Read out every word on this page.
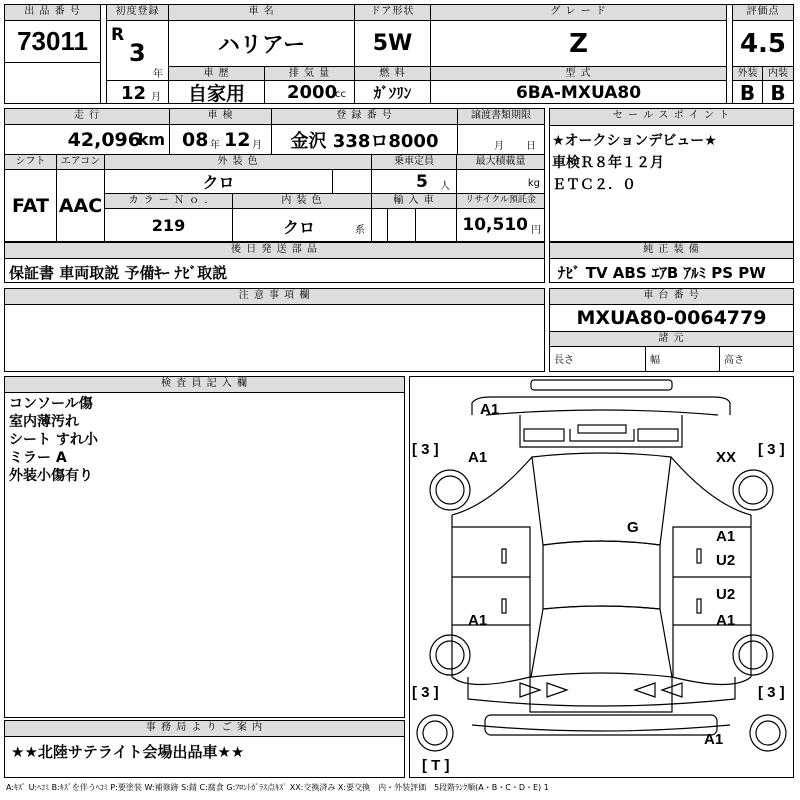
出 品 番 号
73011
初度登録
R
3
年
12 月
車 名
ハリアー
車 歴	排 気 量
自家用	2000
cc
ドア形状
5W
燃 料
ｶﾞｿﾘﾝ
グ レ ー ド
Z
型 式
6BA-MXUA80
評価点
4.5
外装	内装
B B
走 行
42,096
km
車 検
08 年 12 月
登 録 番 号
金沢 338ロ8000
譲渡書類期限
月 日
シフト	エアコン
FAT AAC
外 装 色
クロ
乗車定員
5 人
最大積載量
kg
カ ラ ー Ｎ ｏ .
219
内 装 色
クロ	系
輸 入 車	リサイクル預託金
10,510 円
セ ー ル ス ポ イ ン ト
★オークションデビュー★
車検Ｒ８年１２月
ＥＴＣ２．０
後 日 発 送 部 品
保証書 車両取説 予備ｷｰ ﾅﾋﾞ取説
純 正 装 備
ﾅﾋﾞ TV ABS ｴｱB ｱﾙﾐ PS PW
注 意 事 項 欄	車 台 番 号
MXUA80-0064779
諸 元
長さ	幅	高さ
検 査 員 記 入 欄
コンソール傷
室内薄汚れ
シート すれ小
ミラー A
外装小傷有り
事 務 局 よ り ご 案 内
★★北陸サテライト会場出品車★★
A1
[ 3 ]	[ 3 ]
A1	XX
G
A1
U2
U2
A1
A1
[ 3 ]	[ 3 ]
A1
[ T ]
A:ｷｽﾞ U:ﾍｺﾐ B:ｷｽﾞを伴うﾍｺﾐ P:要塗装 W:補修跡 S:錆 C:腐食 G:ﾌﾛﾝﾄｶﾞﾗｽ点ｷｽﾞ XX:交換済み X:要交換　内・外装評価　5段階ﾗﾝｸ順(A・B・C・D・E) 1
